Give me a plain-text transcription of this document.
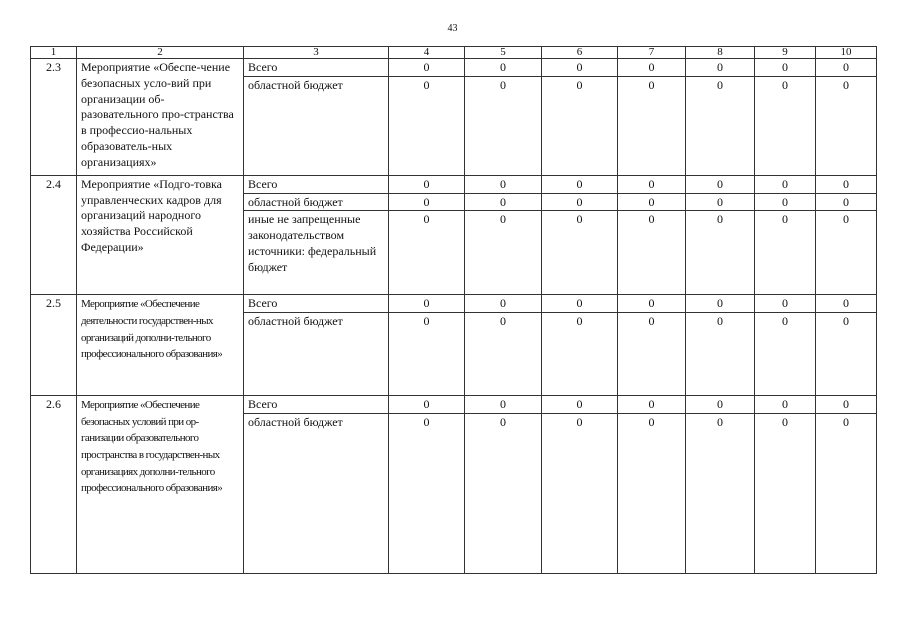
43
1	2	3	4	5	6	7	8	9	10
2.3	Мероприятие «Обеспе-чение безопасных усло-вий при организации об-разовательного про-странства в профессио-нальных образователь-ных организациях»	Всего	0	0	0	0	0	0	0
		областной бюджет	0	0	0	0	0	0	0
2.4	Мероприятие «Подго-товка управленческих кадров для организаций народного хозяйства Российской Федерации»	Всего	0	0	0	0	0	0	0
		областной бюджет	0	0	0	0	0	0	0
		иные не запрещенные законодательством источники: федеральный бюджет	0	0	0	0	0	0	0
2.5	Мероприятие «Обеспечение деятельности государствен-ных организаций дополни-тельного профессионального образования»	Всего	0	0	0	0	0	0	0
		областной бюджет	0	0	0	0	0	0	0
2.6	Мероприятие «Обеспечение безопасных условий при ор-ганизации образовательного пространства в государствен-ных организациях дополни-тельного профессионального образования»	Всего	0	0	0	0	0	0	0
		областной бюджет	0	0	0	0	0	0	0
